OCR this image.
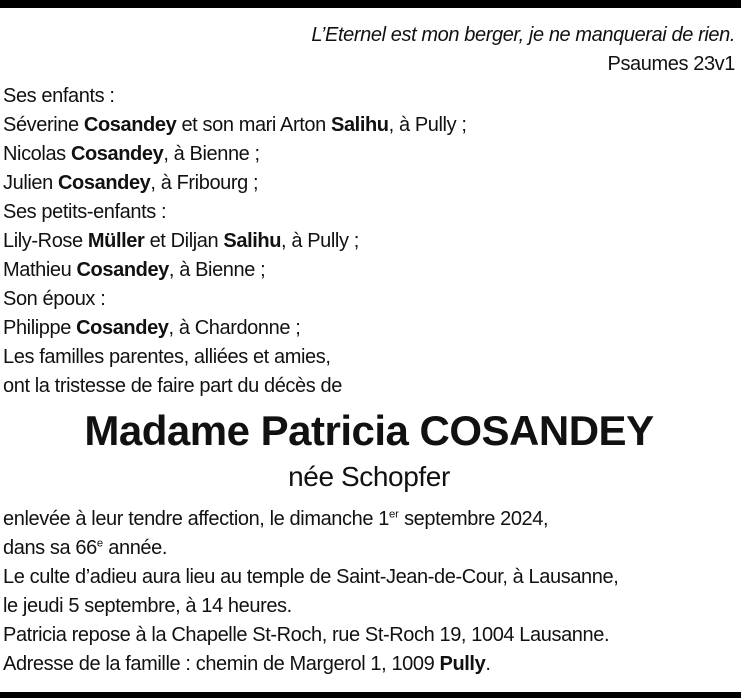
L’Eternel est mon berger, je ne manquerai de rien.
Psaumes 23v1
Ses enfants :
Séverine Cosandey et son mari Arton Salihu, à Pully ;
Nicolas Cosandey, à Bienne ;
Julien Cosandey, à Fribourg ;
Ses petits-enfants :
Lily-Rose Müller et Diljan Salihu, à Pully ;
Mathieu Cosandey, à Bienne ;
Son époux :
Philippe Cosandey, à Chardonne ;
Les familles parentes, alliées et amies,
ont la tristesse de faire part du décès de
Madame Patricia COSANDEY
née Schopfer
enlevée à leur tendre affection, le dimanche 1er septembre 2024,
dans sa 66e année.
Le culte d’adieu aura lieu au temple de Saint-Jean-de-Cour, à Lausanne,
le jeudi 5 septembre, à 14 heures.
Patricia repose à la Chapelle St-Roch, rue St-Roch 19, 1004 Lausanne.
Adresse de la famille : chemin de Margerol 1, 1009 Pully.
